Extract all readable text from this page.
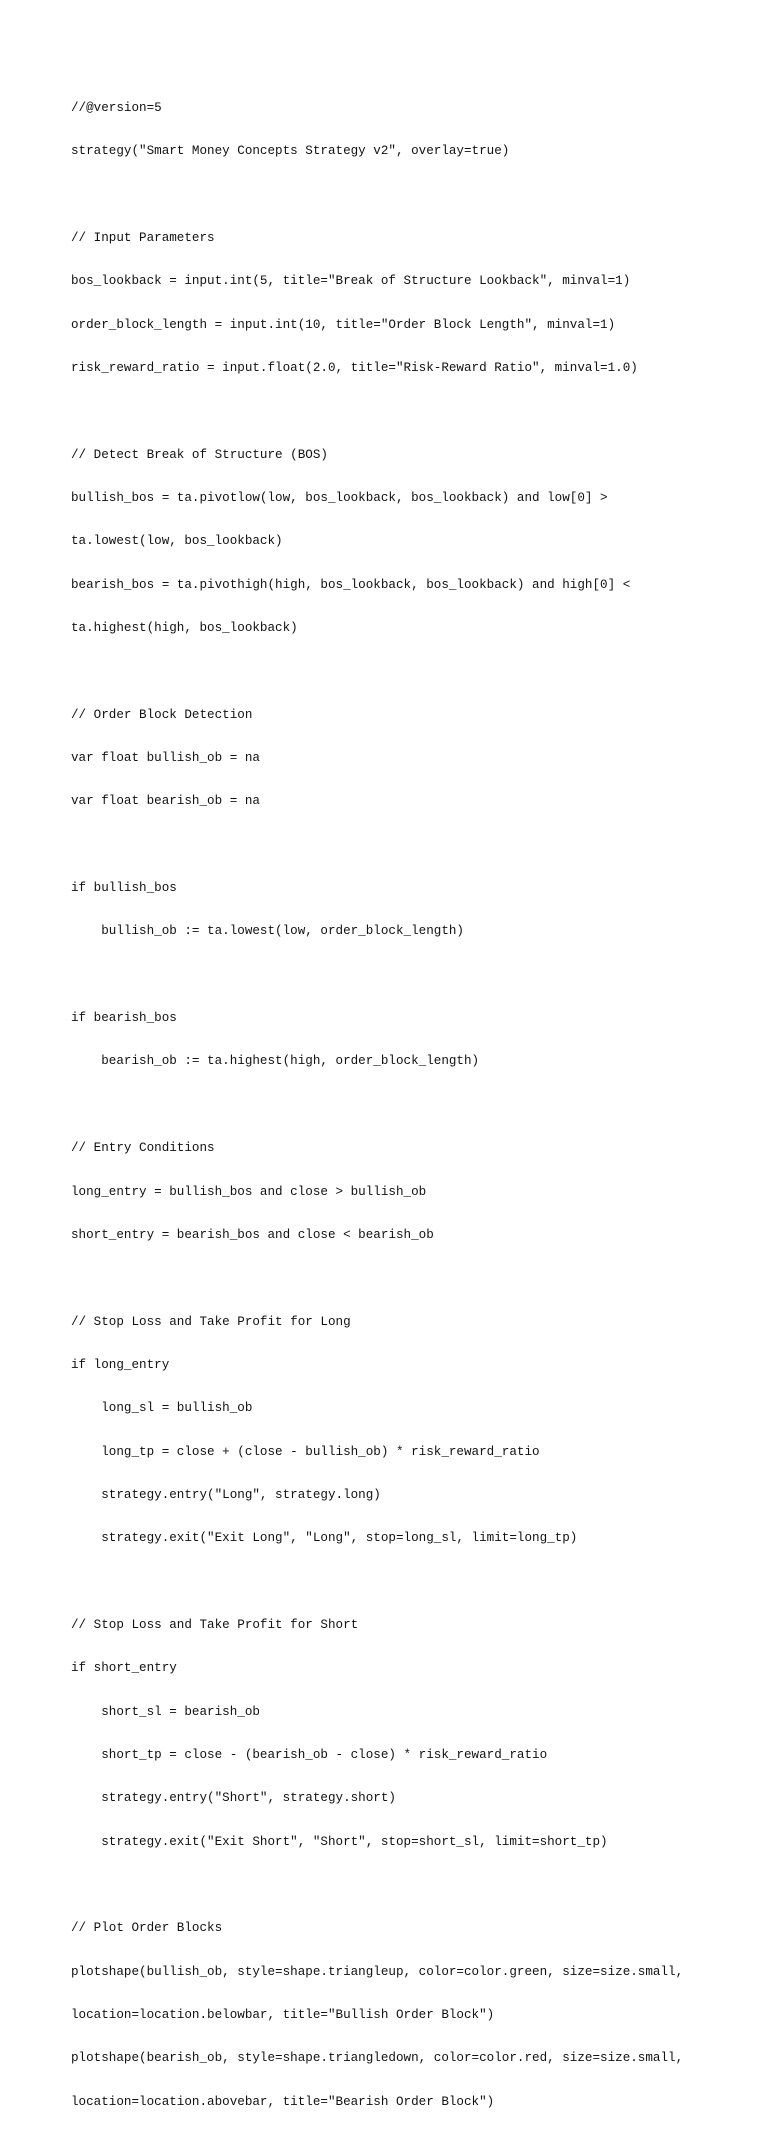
//@version=5

strategy("Smart Money Concepts Strategy v2", overlay=true)

// Input Parameters

bos_lookback = input.int(5, title="Break of Structure Lookback", minval=1)

order_block_length = input.int(10, title="Order Block Length", minval=1)

risk_reward_ratio = input.float(2.0, title="Risk-Reward Ratio", minval=1.0)

// Detect Break of Structure (BOS)

bullish_bos = ta.pivotlow(low, bos_lookback, bos_lookback) and low[0] >

ta.lowest(low, bos_lookback)

bearish_bos = ta.pivothigh(high, bos_lookback, bos_lookback) and high[0] <

ta.highest(high, bos_lookback)

// Order Block Detection

var float bullish_ob = na

var float bearish_ob = na

if bullish_bos

bullish_ob := ta.lowest(low, order_block_length)

if bearish_bos

bearish_ob := ta.highest(high, order_block_length)

// Entry Conditions

long_entry = bullish_bos and close > bullish_ob

short_entry = bearish_bos and close < bearish_ob

// Stop Loss and Take Profit for Long

if long_entry

long_sl = bullish_ob

long_tp = close + (close - bullish_ob) * risk_reward_ratio

strategy.entry("Long", strategy.long)

strategy.exit("Exit Long", "Long", stop=long_sl, limit=long_tp)

// Stop Loss and Take Profit for Short

if short_entry

short_sl = bearish_ob

short_tp = close - (bearish_ob - close) * risk_reward_ratio

strategy.entry("Short", strategy.short)

strategy.exit("Exit Short", "Short", stop=short_sl, limit=short_tp)

// Plot Order Blocks

plotshape(bullish_ob, style=shape.triangleup, color=color.green, size=size.small,

location=location.belowbar, title="Bullish Order Block")

plotshape(bearish_ob, style=shape.triangledown, color=color.red, size=size.small,

location=location.abovebar, title="Bearish Order Block")
